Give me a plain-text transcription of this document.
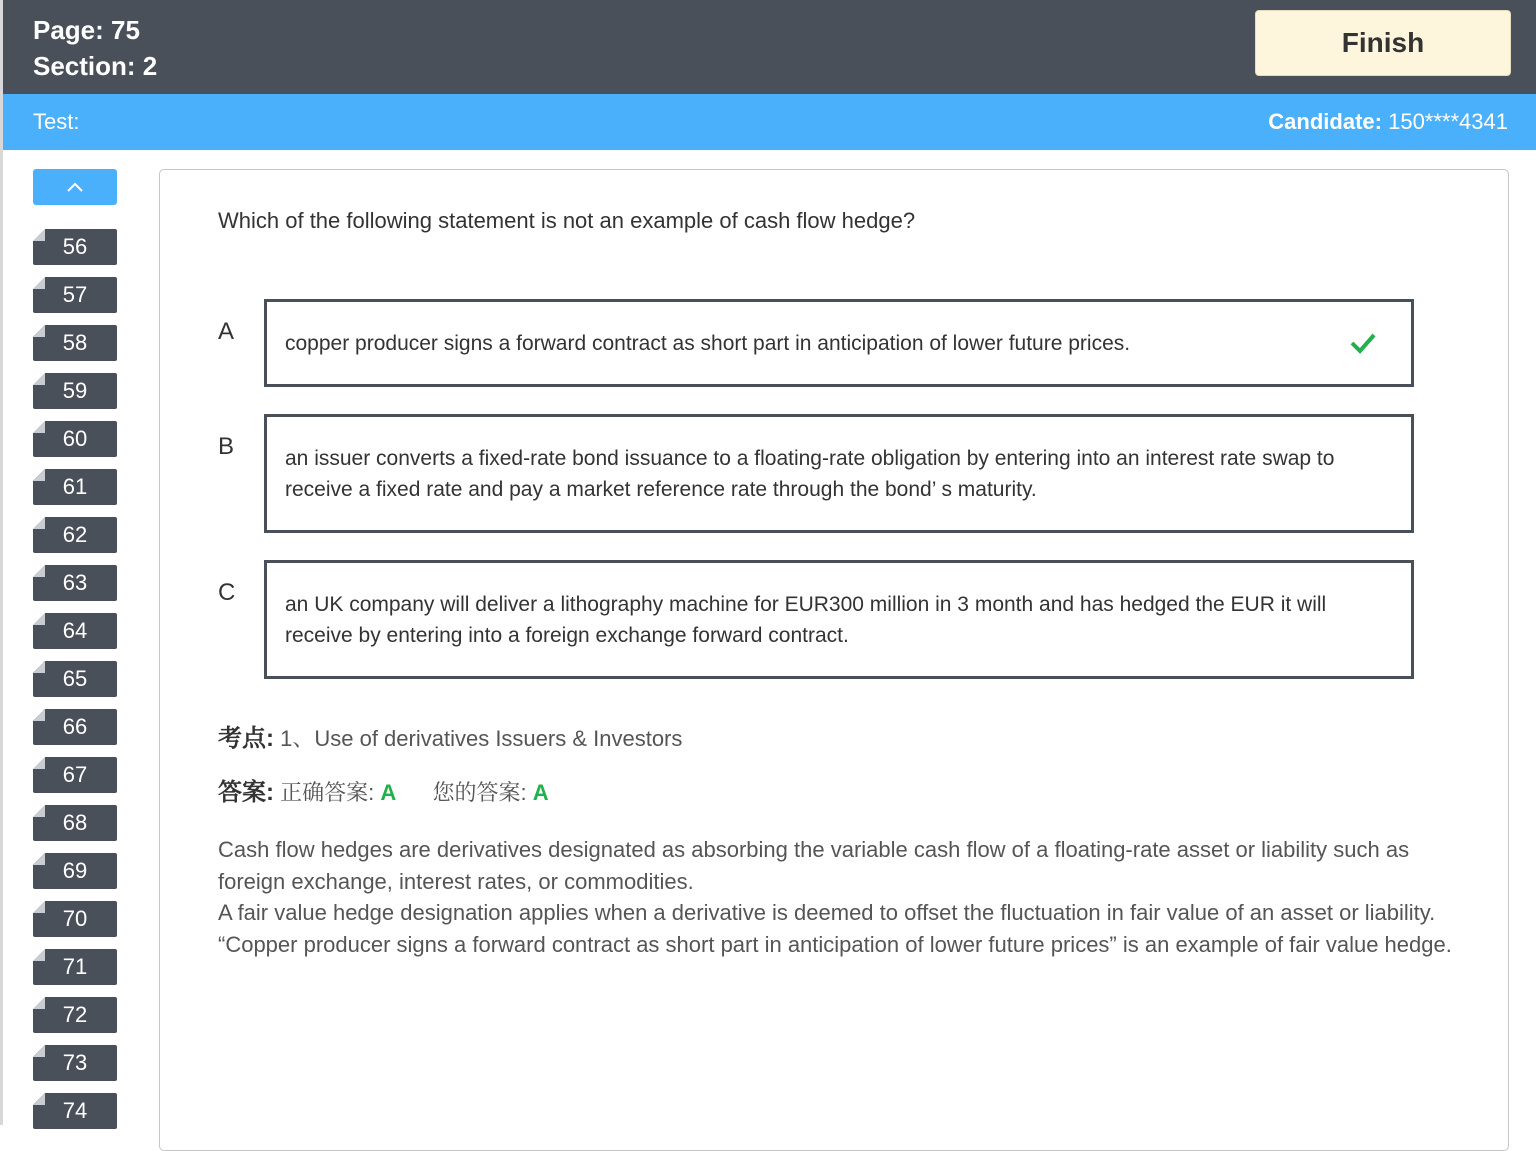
Page: 75
Section: 2
Finish
Test:	Candidate: 150****4341
56
57
58
59
60
61
62
63
64
65
66
67
68
69
70
71
72
73
74
Which of the following statement is not an example of cash flow hedge?
A copper producer signs a forward contract as short part in anticipation of lower future prices.
B an issuer converts a fixed-rate bond issuance to a floating-rate obligation by entering into an interest rate swap to receive a fixed rate and pay a market reference rate through the bond’ s maturity.
C an UK company will deliver a lithography machine for EUR300 million in 3 month and has hedged the EUR it will receive by entering into a foreign exchange forward contract.
考点: 1、Use of derivatives Issuers & Investors
答案: 正确答案: A 您的答案: A

Cash flow hedges are derivatives designated as absorbing the variable cash flow of a floating-rate asset or liability such as foreign exchange, interest rates, or commodities.

A fair value hedge designation applies when a derivative is deemed to offset the fluctuation in fair value of an asset or liability. “Copper producer signs a forward contract as short part in anticipation of lower future prices” is an example of fair value hedge.
